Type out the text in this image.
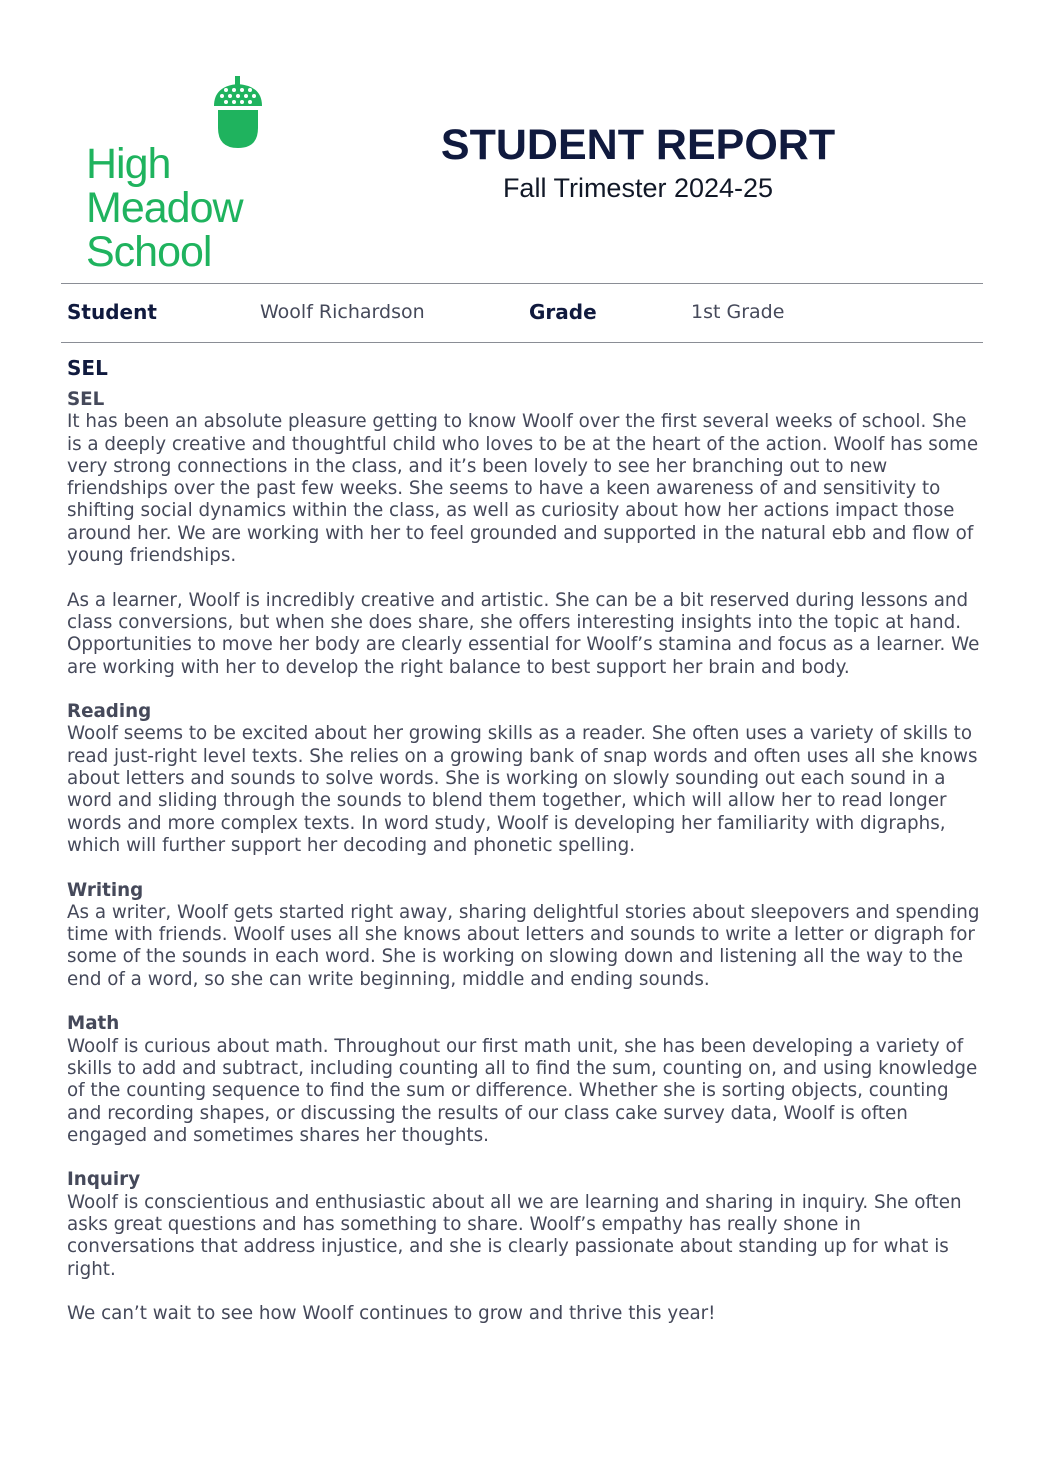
High
Meadow
School
STUDENT REPORT
Fall Trimester 2024-25
Student	Woolf Richardson	Grade	1st Grade
SEL
SEL

It has been an absolute pleasure getting to know Woolf over the first several weeks of school. She is a deeply creative and thoughtful child who loves to be at the heart of the action. Woolf has some very strong connections in the class, and it’s been lovely to see her branching out to new friendships over the past few weeks. She seems to have a keen awareness of and sensitivity to shifting social dynamics within the class, as well as curiosity about how her actions impact those around her. We are working with her to feel grounded and supported in the natural ebb and flow of young friendships.

As a learner, Woolf is incredibly creative and artistic. She can be a bit reserved during lessons and class conversions, but when she does share, she offers interesting insights into the topic at hand. Opportunities to move her body are clearly essential for Woolf’s stamina and focus as a learner. We are working with her to develop the right balance to best support her brain and body.

Reading

Woolf seems to be excited about her growing skills as a reader. She often uses a variety of skills to read just-right level texts. She relies on a growing bank of snap words and often uses all she knows about letters and sounds to solve words. She is working on slowly sounding out each sound in a word and sliding through the sounds to blend them together, which will allow her to read longer words and more complex texts. In word study, Woolf is developing her familiarity with digraphs, which will further support her decoding and phonetic spelling.

Writing

As a writer, Woolf gets started right away, sharing delightful stories about sleepovers and spending time with friends. Woolf uses all she knows about letters and sounds to write a letter or digraph for some of the sounds in each word. She is working on slowing down and listening all the way to the end of a word, so she can write beginning, middle and ending sounds.

Math

Woolf is curious about math. Throughout our first math unit, she has been developing a variety of skills to add and subtract, including counting all to find the sum, counting on, and using knowledge of the counting sequence to find the sum or difference. Whether she is sorting objects, counting and recording shapes, or discussing the results of our class cake survey data, Woolf is often engaged and sometimes shares her thoughts.

Inquiry

Woolf is conscientious and enthusiastic about all we are learning and sharing in inquiry. She often asks great questions and has something to share. Woolf’s empathy has really shone in conversations that address injustice, and she is clearly passionate about standing up for what is right.

We can’t wait to see how Woolf continues to grow and thrive this year!
